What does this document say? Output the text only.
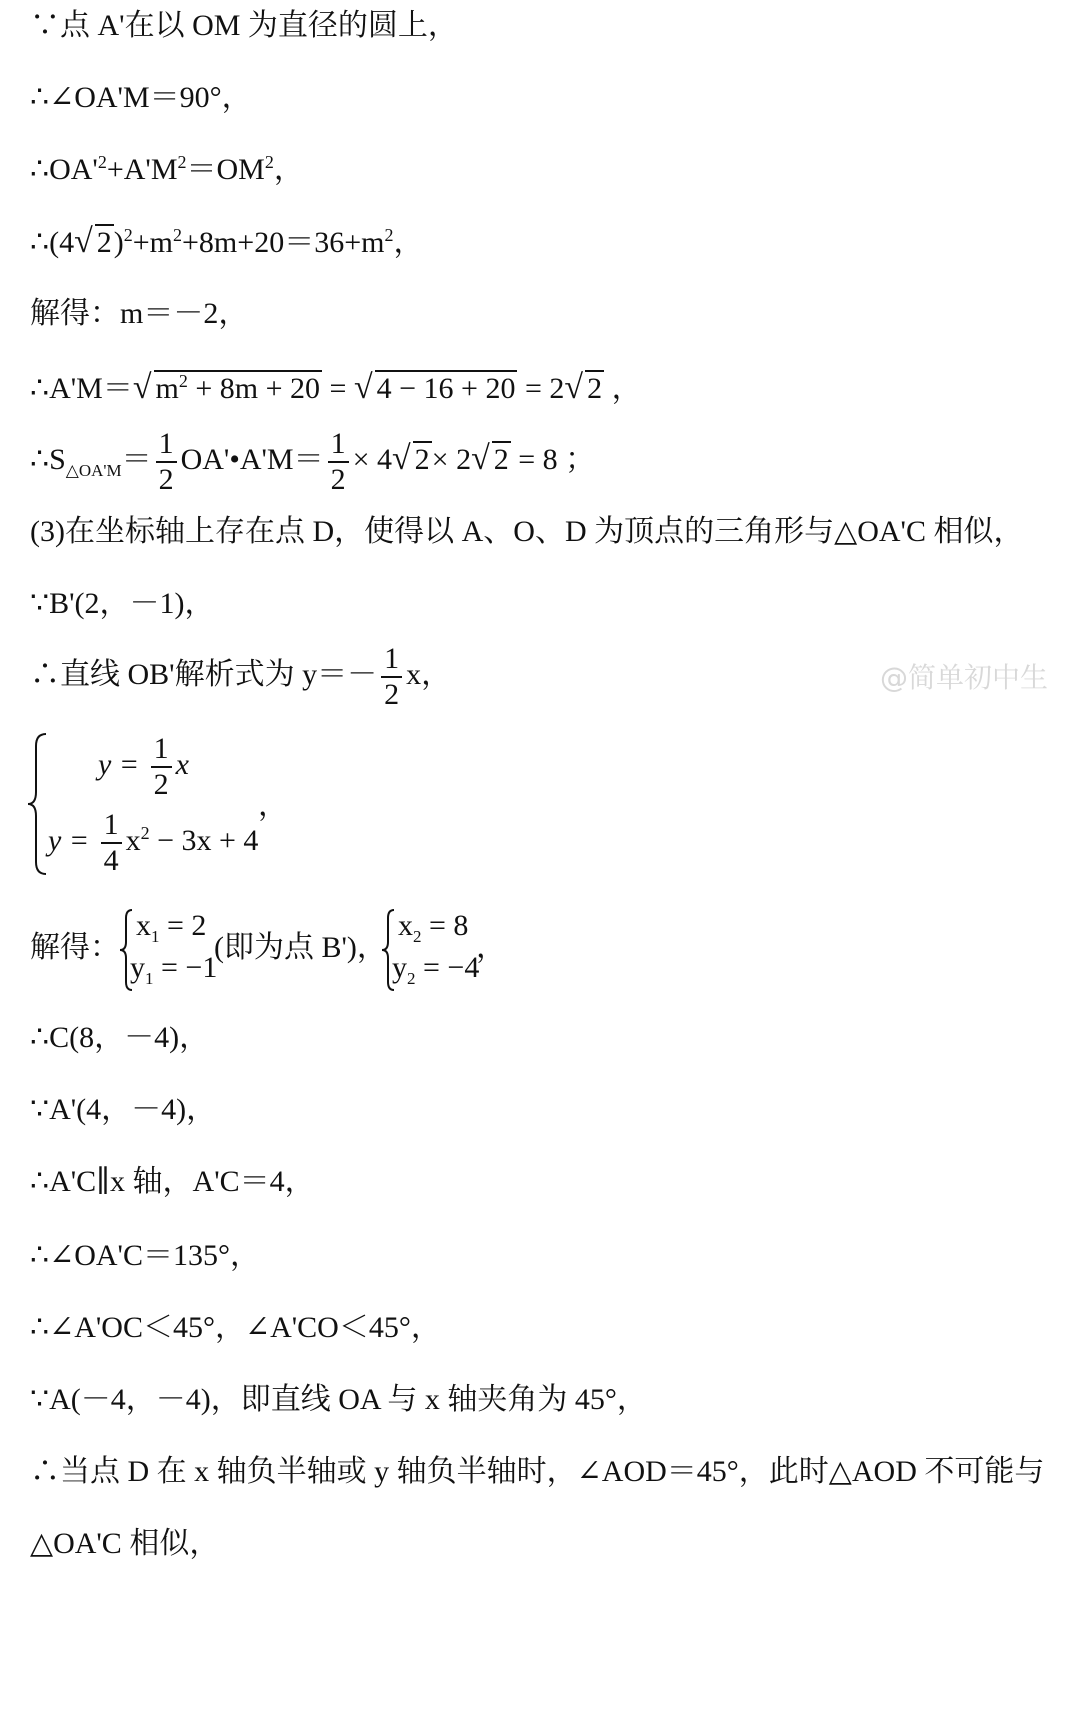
∵点 A'在以 OM 为直径的圆上，
∴∠OA'M＝90°，
$\therefore OA'^2+A'M^2=OM^2$，
∴(4√ $2)^2+m^2+8m+20=36+m^2$，
解得：m＝－2，
∴A'M＝√ $m^2 + 8m + 20$ = √ 4 − 16 + 20 = 2√ 2 ，
$\therefore S_{\triangle OA'M}= \frac{1}{2}$ OA'•A'M＝ $\frac{1}{2} \times 4√$ 2× 2√ 2 = 8 ；
(3)在坐标轴上存在点 D，使得以 A、O、D 为顶点的三角形与△OA'C 相似，
∵B'(2，－1)，
∴直线 OB'解析式为 $y=- \frac{1}{2}$ x，
$y = \frac{1}{2}$ x
$y = \frac{1}{4} x^2 - 3x + 4$
，
解得：
$x_1 = 2$
$y_1 = -1$
(即为点 B')，
$x_2 = 8$
$y_2 = -4$
，
∴C(8，－4)，
∵A'(4，－4)，
∴A'C∥x 轴，A'C＝4，
∴∠OA'C＝135°，
∴∠A'OC＜45°，∠A'CO＜45°，
∵A(－4，－4)，即直线 OA 与 x 轴夹角为 45°，
∴当点 D 在 x 轴负半轴或 y 轴负半轴时，∠AOD＝45°，此时△AOD 不可能与
△OA'C 相似，
@简单初中生
